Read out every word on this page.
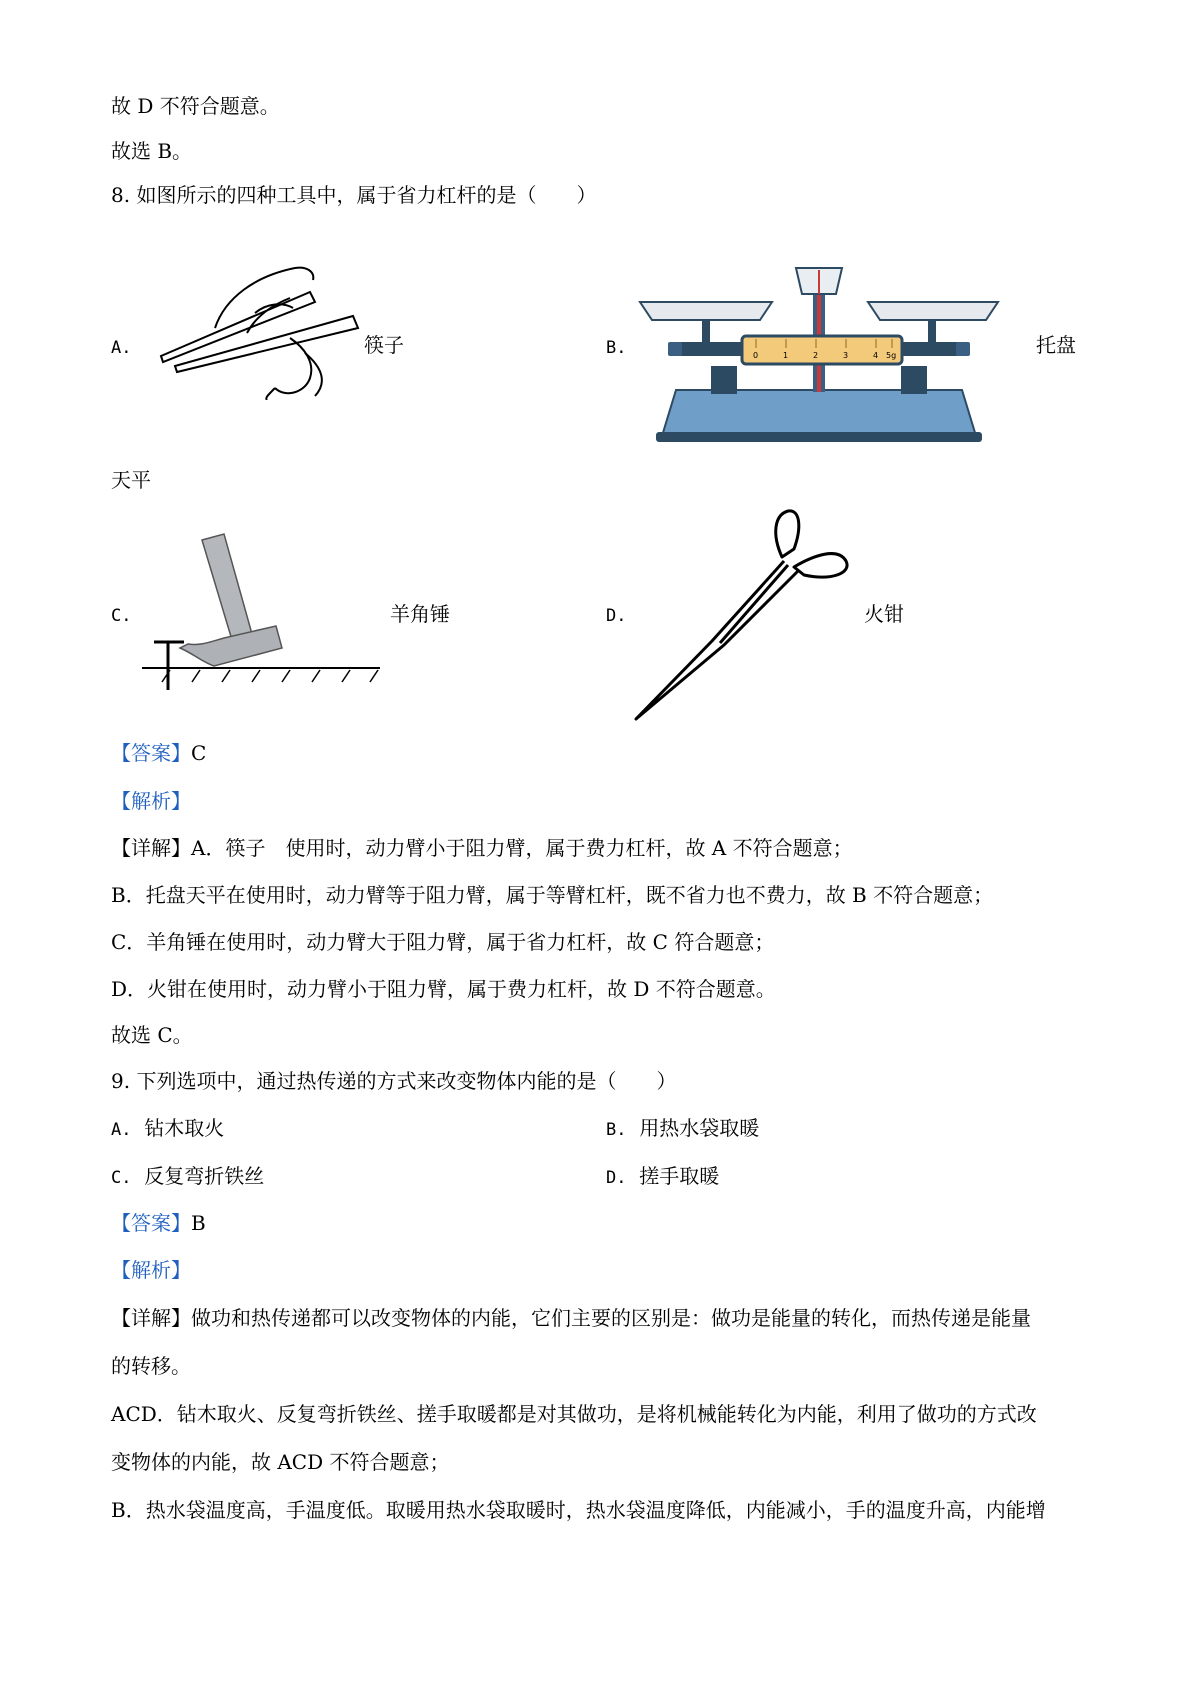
故 D 不符合题意。
故选 B。
8. 如图所示的四种工具中，属于省力杠杆的是（　　）
A.	筷子	B.	0	1	2	3	4 5g	托盘
天平
C.	羊角锤	D.	火钳
【答案】C
【解析】
【详解】A．筷子　使用时，动力臂小于阻力臂，属于费力杠杆，故 A 不符合题意；
B．托盘天平在使用时，动力臂等于阻力臂，属于等臂杠杆，既不省力也不费力，故 B 不符合题意；
C．羊角锤在使用时，动力臂大于阻力臂，属于省力杠杆，故 C 符合题意；
D．火钳在使用时，动力臂小于阻力臂，属于费力杠杆，故 D 不符合题意。
故选 C。
9. 下列选项中，通过热传递的方式来改变物体内能的是（　　）
A. 钻木取火	B. 用热水袋取暖
C. 反复弯折铁丝	D. 搓手取暖
【答案】B
【解析】
【详解】做功和热传递都可以改变物体的内能，它们主要的区别是：做功是能量的转化，而热传递是能量
的转移。
ACD．钻木取火、反复弯折铁丝、搓手取暖都是对其做功，是将机械能转化为内能，利用了做功的方式改
变物体的内能，故 ACD 不符合题意；
B．热水袋温度高，手温度低。取暖用热水袋取暖时，热水袋温度降低，内能减小，手的温度升高，内能增
